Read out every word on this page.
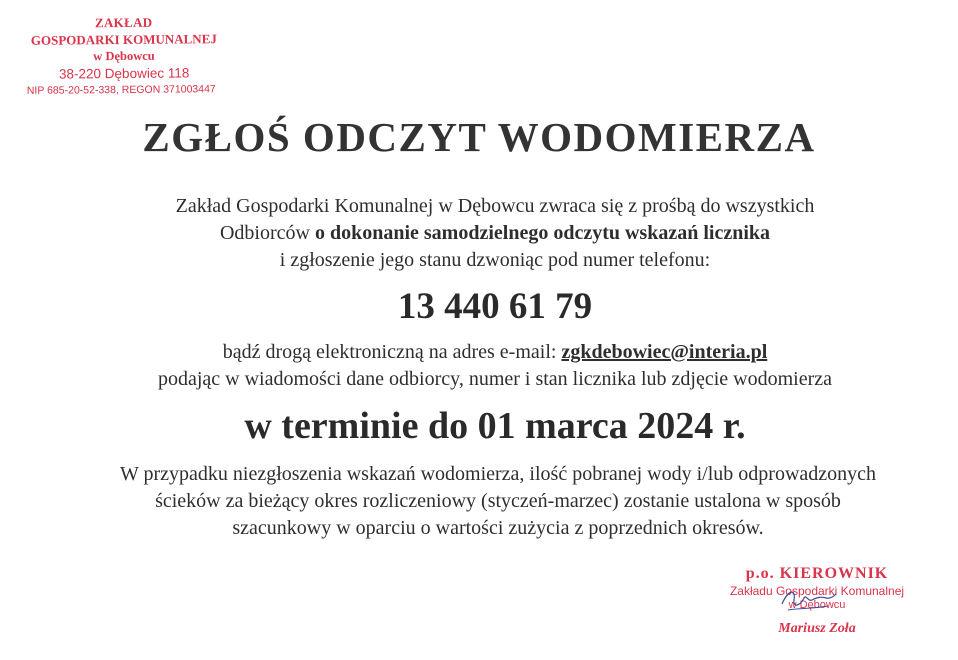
ZAKŁAD
GOSPODARKI KOMUNALNEJ
w Dębowcu
38-220 Dębowiec 118
NIP 685-20-52-338, REGON 371003447
ZGŁOŚ ODCZYT WODOMIERZA
Zakład Gospodarki Komunalnej w Dębowcu zwraca się z prośbą do wszystkich
Odbiorców o dokonanie samodzielnego odczytu wskazań licznika
i zgłoszenie jego stanu dzwoniąc pod numer telefonu:
13 440 61 79
bądź drogą elektroniczną na adres e-mail: zgkdebowiec@interia.pl
podając w wiadomości dane odbiorcy, numer i stan licznika lub zdjęcie wodomierza
w terminie do 01 marca 2024 r.
W przypadku niezgłoszenia wskazań wodomierza, ilość pobranej wody i/lub odprowadzonych
ścieków za bieżący okres rozliczeniowy (styczeń-marzec) zostanie ustalona w sposób
szacunkowy w oparciu o wartości zużycia z poprzednich okresów.
p.o. KIEROWNIK
Zakładu Gospodarki Komunalnej
w Dębowcu
Mariusz Zoła
